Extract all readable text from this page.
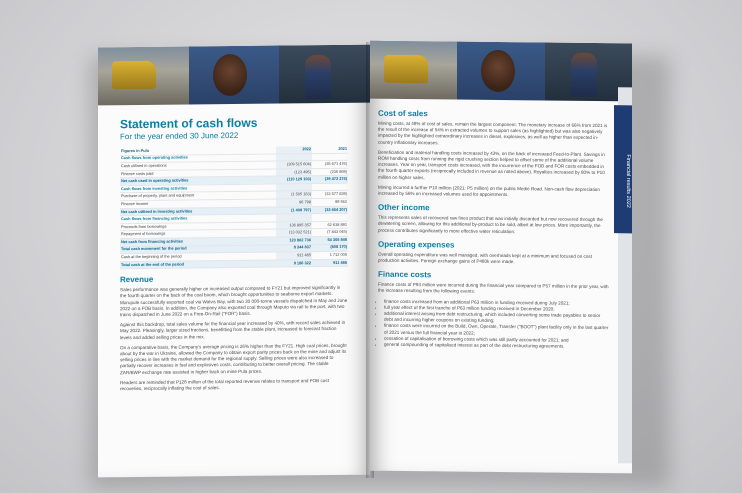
Statement of cash flows
For the year ended 30 June 2022
Figures in Pula	2022	2021
Cash flows from operating activities		
Cash utilised in operations	(109 515 604)	(35 671 476)
Finance costs paid	(123 495)	(236 869)
Net cash used in operating activities	(110 129 103)	(39 473 274)
Cash flows from investing activities		
Purchase of property, plant and equipment	(1 505 163)	(33 577 839)
Finance income	96 798	99 562
Net cash utilised in investing activities	(1 408 797)	(33 664 207)
Cash flows from financing activities		
Proceeds from borrowings	136 895 357	62 638 891
Repayment of borrowings	(13 032 521)	(7 843 045)
Net cash from financing activities	123 862 736	54 355 846
Total cash movement for the period	8 344 837	(808 170)
Cash at the beginning of the period	911 485	1 712 005
Total cash at the end of the period	9 186 322	911 485
Revenue

Sales performance was generally higher on increased output compared to FY21 but improved significantly in the fourth quarter on the back of the coal boom, which brought opportunities to seaborne export markets. Morupule successfully exported coal via Walvis Bay, with two 30 000-tonne vessels dispatched in May and June 2022 on a FOB basis. In addition, the Company also exported coal through Maputo via rail to the port, with two trains dispatched in June 2022 on a Free-On-Rail ("FOR") basis.

Against this backdrop, total sales volume for the financial year increased by 40%, with record sales achieved in May 2022. Pleasingly, larger sized fractions, benefitting from the stable plant, increased to forecast fraction levels and added selling prices in the mix.

On a comparative basis, the Company's average pricing is 26% higher than the FY21. High coal prices, brought about by the war in Ukraine, allowed the Company to obtain export parity prices back on the mine and adjust its selling prices in line with the market demand for the regional supply. Selling prices were also increased to partially recover increases in fuel and explosives costs, contributing to better overall pricing. The stable ZAR/BWP exchange rate assisted in higher back on mine Pula prices.

Readers are reminded that P128 million of the total reported revenue relates to transport and FOB cost recoveries, reciprocally inflating the cost of sales.

Financial results 2022
Cost of sales

Mining costs, at 48% of cost of sales, remain the largest component. The monetary increase of 66% from 2021 is the result of the increase of 54% in extracted volumes to support sales (as highlighted) but was also negatively impacted by the highlighted extraordinary increases in diesel, explosives, as well as higher than expected in-country inflationary increases.

Beneficiation and material handling costs increased by 43%, on the back of increased Feed-to-Plant. Savings in ROM handling costs from running the rigid crushing section helped to offset some of the additional volume increases. Year on year, transport costs increased, with the incurrence of the FOB and FOR costs embedded in the fourth quarter exports (reciprocally included in revenue as noted above). Royalties increased by 80% to P10 million on higher sales.

Mining incurred a further P10 million (2021: P5 million) on the public Medie Road. Non-cash flow depreciation increased by 56% on increased volumes used for appointments.

Other income

This represents sales of recovered raw fines product that was initially discarded but now recovered through the dewatering screen, allowing for this additional by-product to be sold, albeit at low prices. More importantly, the process contributes significantly to more effective water reticulation.

Operating expenses

Overall operating expenditure was well managed, with overheads kept at a minimum and focused on cost production activities. Foreign exchange gains of P480k were made.

Finance costs

Finance costs of P93 million were incurred during the financial year compared to P57 million in the prior year, with the increase resulting from the following events:

• finance costs increased from an additional P63 million in funding received during July 2021;
• full year effect of the first tranche of P63 million funding received in December 2020;
• additional interest arising from debt restructuring, which included converting some trade payables to senior debt and incurring higher coupons on existing funding;
• finance costs were incurred on the Build, Own, Operate, Transfer ("BOOT") plant facility only in the last quarter of 2021 versus the full financial year in 2022;
• cessation of capitalisation of borrowing costs which was still partly accounted for 2021; and
• general compounding of capitalised interest as part of the debt restructuring agreements.
